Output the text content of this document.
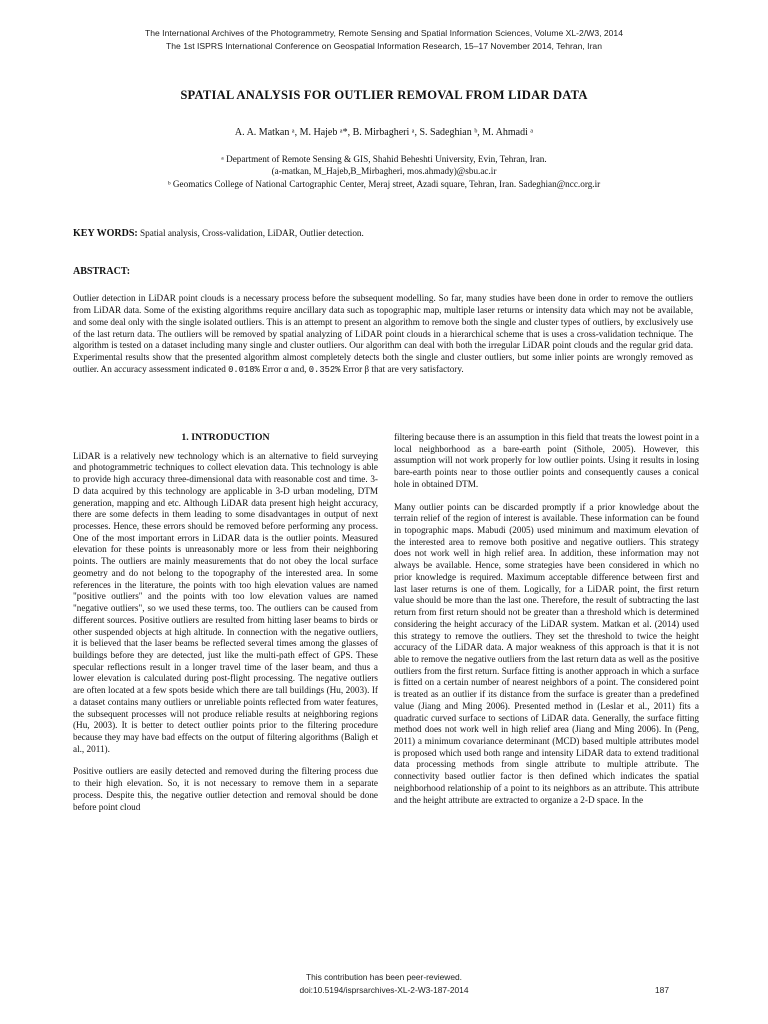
The International Archives of the Photogrammetry, Remote Sensing and Spatial Information Sciences, Volume XL-2/W3, 2014
The 1st ISPRS International Conference on Geospatial Information Research, 15–17 November 2014, Tehran, Iran
SPATIAL ANALYSIS FOR OUTLIER REMOVAL FROM LIDAR DATA
A. A. Matkan ᵃ, M. Hajeb ᵃ*, B. Mirbagheri ᵃ, S. Sadeghian ᵇ, M. Ahmadi ᵃ
ᵃ Department of Remote Sensing & GIS, Shahid Beheshti University, Evin, Tehran, Iran.
(a-matkan, M_Hajeb,B_Mirbagheri, mos.ahmady)@sbu.ac.ir
ᵇ Geomatics College of National Cartographic Center, Meraj street, Azadi square, Tehran, Iran. Sadeghian@ncc.org.ir
KEY WORDS: Spatial analysis, Cross-validation, LiDAR, Outlier detection.
ABSTRACT:
Outlier detection in LiDAR point clouds is a necessary process before the subsequent modelling. So far, many studies have been done in order to remove the outliers from LiDAR data. Some of the existing algorithms require ancillary data such as topographic map, multiple laser returns or intensity data which may not be available, and some deal only with the single isolated outliers. This is an attempt to present an algorithm to remove both the single and cluster types of outliers, by exclusively use of the last return data. The outliers will be removed by spatial analyzing of LiDAR point clouds in a hierarchical scheme that is uses a cross-validation technique. The algorithm is tested on a dataset including many single and cluster outliers. Our algorithm can deal with both the irregular LiDAR point clouds and the regular grid data. Experimental results show that the presented algorithm almost completely detects both the single and cluster outliers, but some inlier points are wrongly removed as outlier. An accuracy assessment indicated 0.018% Error α and, 0.352% Error β that are very satisfactory.
1. INTRODUCTION

LiDAR is a relatively new technology which is an alternative to field surveying and photogrammetric techniques to collect elevation data. This technology is able to provide high accuracy three-dimensional data with reasonable cost and time. 3-D data acquired by this technology are applicable in 3-D urban modeling, DTM generation, mapping and etc. Although LiDAR data present high height accuracy, there are some defects in them leading to some disadvantages in output of next processes. Hence, these errors should be removed before performing any process. One of the most important errors in LiDAR data is the outlier points. Measured elevation for these points is unreasonably more or less from their neighboring points. The outliers are mainly measurements that do not obey the local surface geometry and do not belong to the topography of the interested area. In some references in the literature, the points with too high elevation values are named "positive outliers" and the points with too low elevation values are named "negative outliers", so we used these terms, too. The outliers can be caused from different sources. Positive outliers are resulted from hitting laser beams to birds or other suspended objects at high altitude. In connection with the negative outliers, it is believed that the laser beams be reflected several times among the glasses of buildings before they are detected, just like the multi-path effect of GPS. These specular reflections result in a longer travel time of the laser beam, and thus a lower elevation is calculated during post-flight processing. The negative outliers are often located at a few spots beside which there are tall buildings (Hu, 2003). If a dataset contains many outliers or unreliable points reflected from water features, the subsequent processes will not produce reliable results at neighboring regions (Hu, 2003). It is better to detect outlier points prior to the filtering procedure because they may have bad effects on the output of filtering algorithms (Baligh et al., 2011).

Positive outliers are easily detected and removed during the filtering process due to their high elevation. So, it is not necessary to remove them in a separate process. Despite this, the negative outlier detection and removal should be done before point cloud

filtering because there is an assumption in this field that treats the lowest point in a local neighborhood as a bare-earth point (Sithole, 2005). However, this assumption will not work properly for low outlier points. Using it results in losing bare-earth points near to those outlier points and consequently causes a conical hole in obtained DTM.

Many outlier points can be discarded promptly if a prior knowledge about the terrain relief of the region of interest is available. These information can be found in topographic maps. Mabudi (2005) used minimum and maximum elevation of the interested area to remove both positive and negative outliers. This strategy does not work well in high relief area. In addition, these information may not always be available. Hence, some strategies have been considered in which no prior knowledge is required. Maximum acceptable difference between first and last laser returns is one of them. Logically, for a LiDAR point, the first return value should be more than the last one. Therefore, the result of subtracting the last return from first return should not be greater than a threshold which is determined considering the height accuracy of the LiDAR system. Matkan et al. (2014) used this strategy to remove the outliers. They set the threshold to twice the height accuracy of the LiDAR data. A major weakness of this approach is that it is not able to remove the negative outliers from the last return data as well as the positive outliers from the first return. Surface fitting is another approach in which a surface is fitted on a certain number of nearest neighbors of a point. The considered point is treated as an outlier if its distance from the surface is greater than a predefined value (Jiang and Ming 2006). Presented method in (Leslar et al., 2011) fits a quadratic curved surface to sections of LiDAR data. Generally, the surface fitting method does not work well in high relief area (Jiang and Ming 2006). In (Peng, 2011) a minimum covariance determinant (MCD) based multiple attributes model is proposed which used both range and intensity LiDAR data to extend traditional data processing methods from single attribute to multiple attribute. The connectivity based outlier factor is then defined which indicates the spatial neighborhood relationship of a point to its neighbors as an attribute. This attribute and the height attribute are extracted to organize a 2-D space. In the

This contribution has been peer-reviewed.
doi:10.5194/isprsarchives-XL-2-W3-187-2014	187
